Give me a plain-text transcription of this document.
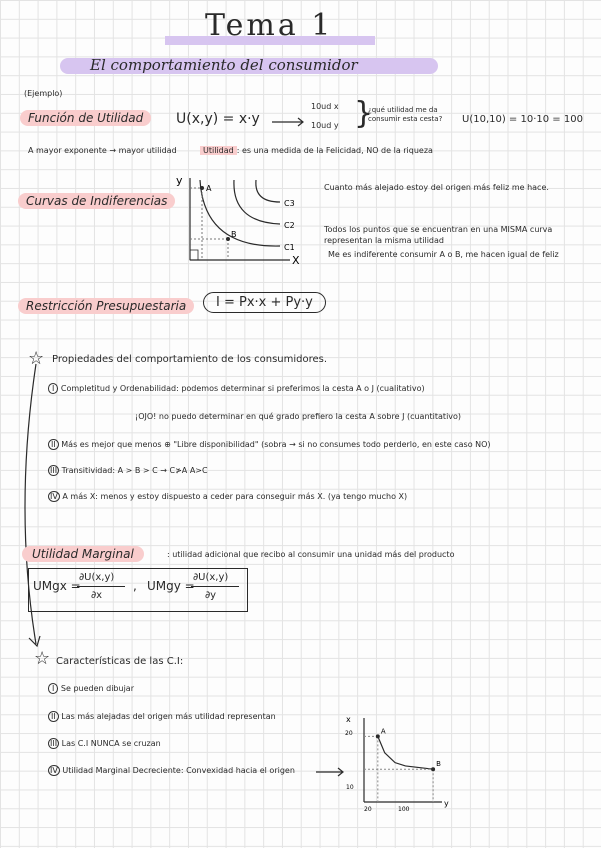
Tema 1
El comportamiento del consumidor
(Ejemplo)
Función de Utilidad	U(x,y) = x·y
10ud x
10ud y }
¿qué utilidad me da consumir esta cesta?	U(10,10) = 10·10 = 100
A mayor exponente → mayor utilidad	Utilidad : es una medida de la Felicidad, NO de la riqueza
Curvas de Indiferencias
y
X
A
B
C3
C2
C1
Cuanto más alejado estoy del origen más feliz me hace.
Todos los puntos que se encuentran en una MISMA curva representan la misma utilidad
Me es indiferente consumir A o B, me hacen igual de feliz
Restricción Presupuestaria	I = Px·x + Py·y
☆ Propiedades del comportamiento de los consumidores.
I Completitud y Ordenabilidad: podemos determinar si preferimos la cesta A o J (cualitativo)
¡OJO! no puedo determinar en qué grado prefiero la cesta A sobre J (cuantitativo)
II Más es mejor que menos ⊕ "Libre disponibilidad" (sobra → si no consumes todo perderlo, en este caso NO)
III Transitividad: A > B > C → C≯A A>C
IV A más X: menos y estoy dispuesto a ceder para conseguir más X. (ya tengo mucho X)
Utilidad Marginal	: utilidad adicional que recibo al consumir una unidad más del producto
UMgx =
∂U(x,y)
∂x
, UMgy =
∂U(x,y)
∂y
☆ Características de las C.I:
I Se pueden dibujar
II Las más alejadas del origen más utilidad representan
III Las C.I NUNCA se cruzan
IV Utilidad Marginal Decreciente: Convexidad hacia el origen
x
y
20
10
20	100
A
B
